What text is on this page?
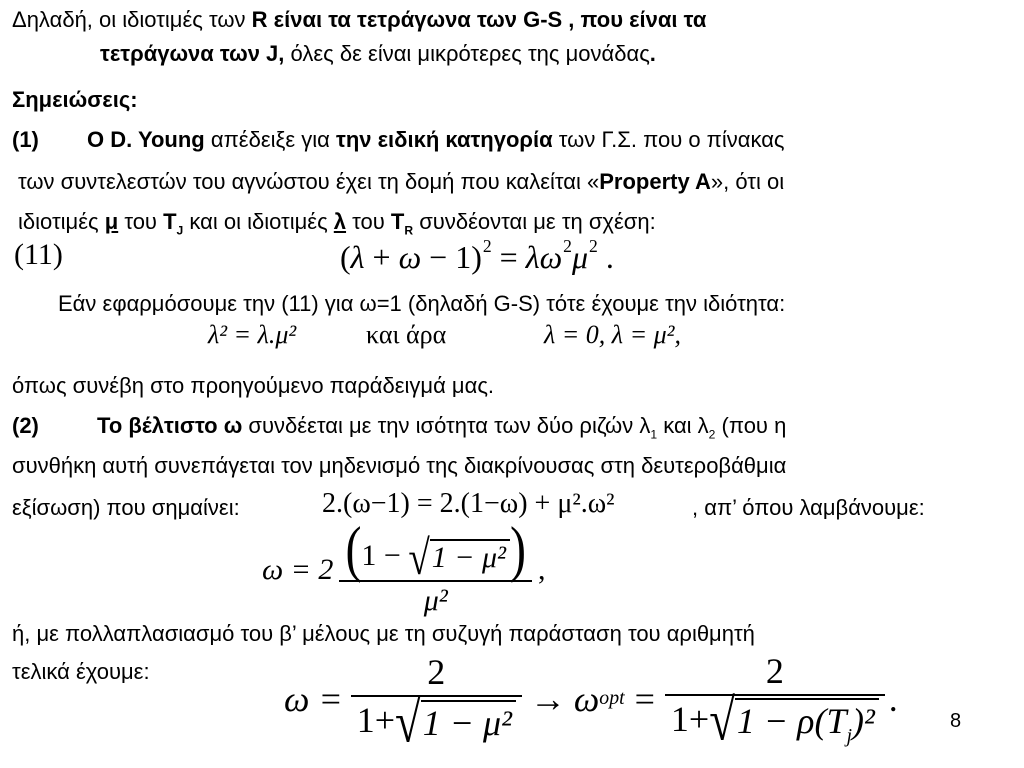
Δηλαδή, οι ιδιοτιμές των R είναι τα τετράγωνα των G-S , που είναι τα
τετράγωνα των J, όλες δε είναι μικρότερες της μονάδας.
Σημειώσεις:
(1) Ο D. Young απέδειξε για την ειδική κατηγορία των Γ.Σ. που ο πίνακας
των συντελεστών του αγνώστου έχει τη δομή που καλείται «Property A», ότι οι
ιδιοτιμές μ του $T_J$ και οι ιδιοτιμές λ του $T_R$ συνδέονται με τη σχέση:
(11)	$(\lambda + \omega - 1)^2 = \lambda\omega^2\mu^2$ .
Εάν εφαρμόσουμε την (11) για ω=1 (δηλαδή G-S) τότε έχουμε την ιδιότητα:
λ² = λ.μ²	και άρα	λ = 0, λ = μ²,
όπως συνέβη στο προηγούμενο παράδειγμά μας.
(2)	Το βέλτιστο ω συνδέεται με την ισότητα των δύο ριζών $\lambda_1$ και $\lambda_2$ (που η
συνθήκη αυτή συνεπάγεται τον μηδενισμό της διακρίνουσας στη δευτεροβάθμια
εξίσωση) που σημαίνει:	2.(ω−1) = 2.(1−ω) + μ².ω²	, απ’ όπου λαμβάνουμε:
$\omega = 2 \frac{\text{(1 − √ 1 − μ² )}}{\text{μ²}}$ ,
ή, με πολλαπλασιασμό του β’ μέλους με τη συζυγή παράσταση του αριθμητή
τελικά έχουμε:
$\omega = \frac{2}{\text{1+ √ 1 − μ²}} \to \omega$ opt = $\frac{2}{1+ √ 1 - \rho(T_j)^2}$ .
8
